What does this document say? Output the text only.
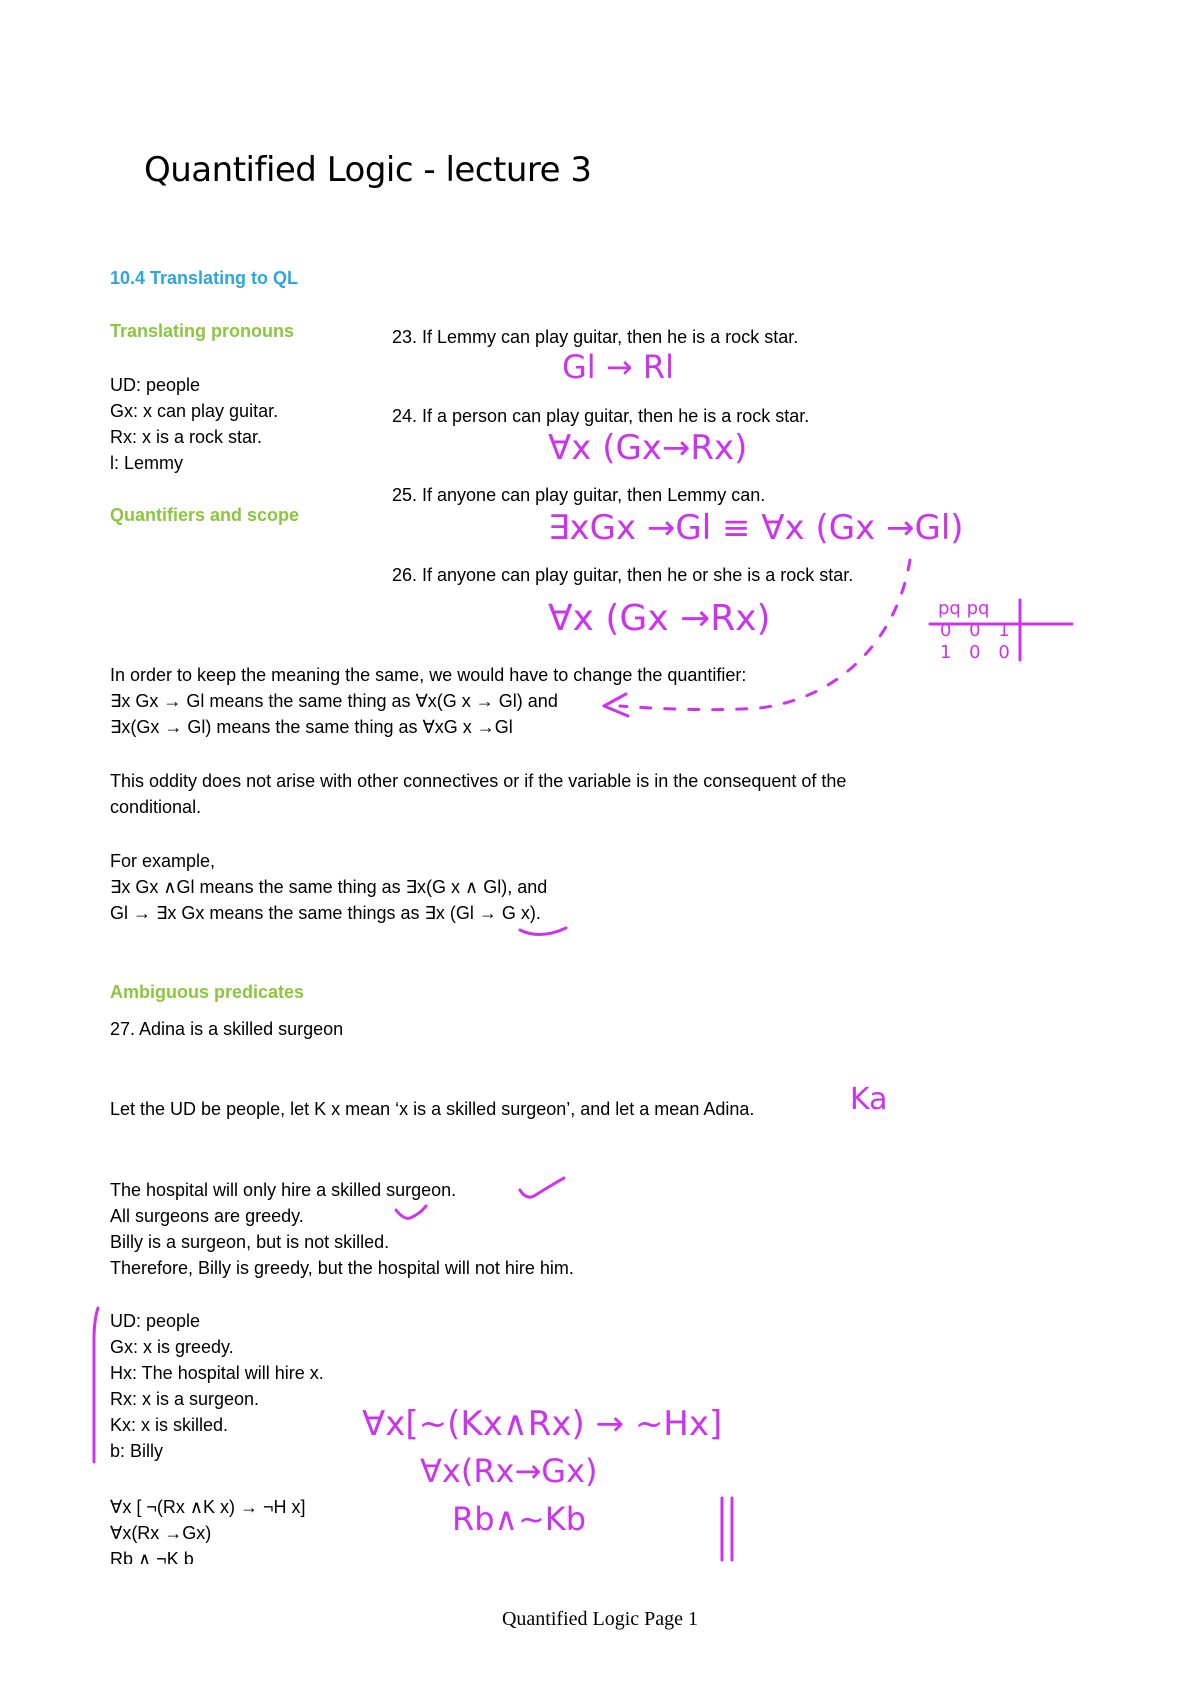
Quantified Logic - lecture 3
10.4 Translating to QL
Translating pronouns
UD: people
Gx: x can play guitar.
Rx: x is a rock star.
l: Lemmy
Quantifiers and scope
23. If Lemmy can play guitar, then he is a rock star.
24. If a person can play guitar, then he is a rock star.
25. If anyone can play guitar, then Lemmy can.
26. If anyone can play guitar, then he or she is a rock star.
In order to keep the meaning the same, we would have to change the quantifier:
∃x Gx → Gl means the same thing as ∀x(G x → Gl) and
∃x(Gx → Gl) means the same thing as ∀xG x →Gl
This oddity does not arise with other connectives or if the variable is in the consequent of the
conditional.
For example,
∃x Gx ∧Gl means the same thing as ∃x(G x ∧ Gl), and
Gl → ∃x Gx means the same things as ∃x (Gl → G x).
Ambiguous predicates
27. Adina is a skilled surgeon
Let the UD be people, let K x mean ‘x is a skilled surgeon’, and let a mean Adina.
The hospital will only hire a skilled surgeon.
All surgeons are greedy.
Billy is a surgeon, but is not skilled.
Therefore, Billy is greedy, but the hospital will not hire him.
UD: people
Gx: x is greedy.
Hx: The hospital will hire x.
Rx: x is a surgeon.
Kx: x is skilled.
b: Billy
∀x [ ¬(Rx ∧K x) → ¬H x]
∀x(Rx →Gx)
Rb ∧ ¬K b
Gl → Rl
∀x (Gx→Rx)
∃xGx →Gl ≡ ∀x (Gx →Gl)
∀x (Gx →Rx)	pq pq
0 0 1
1 0 0
Ka
∀x[~(Kx∧Rx) → ~Hx]
∀x(Rx→Gx)
Rb∧~Kb
Quantified Logic Page 1
